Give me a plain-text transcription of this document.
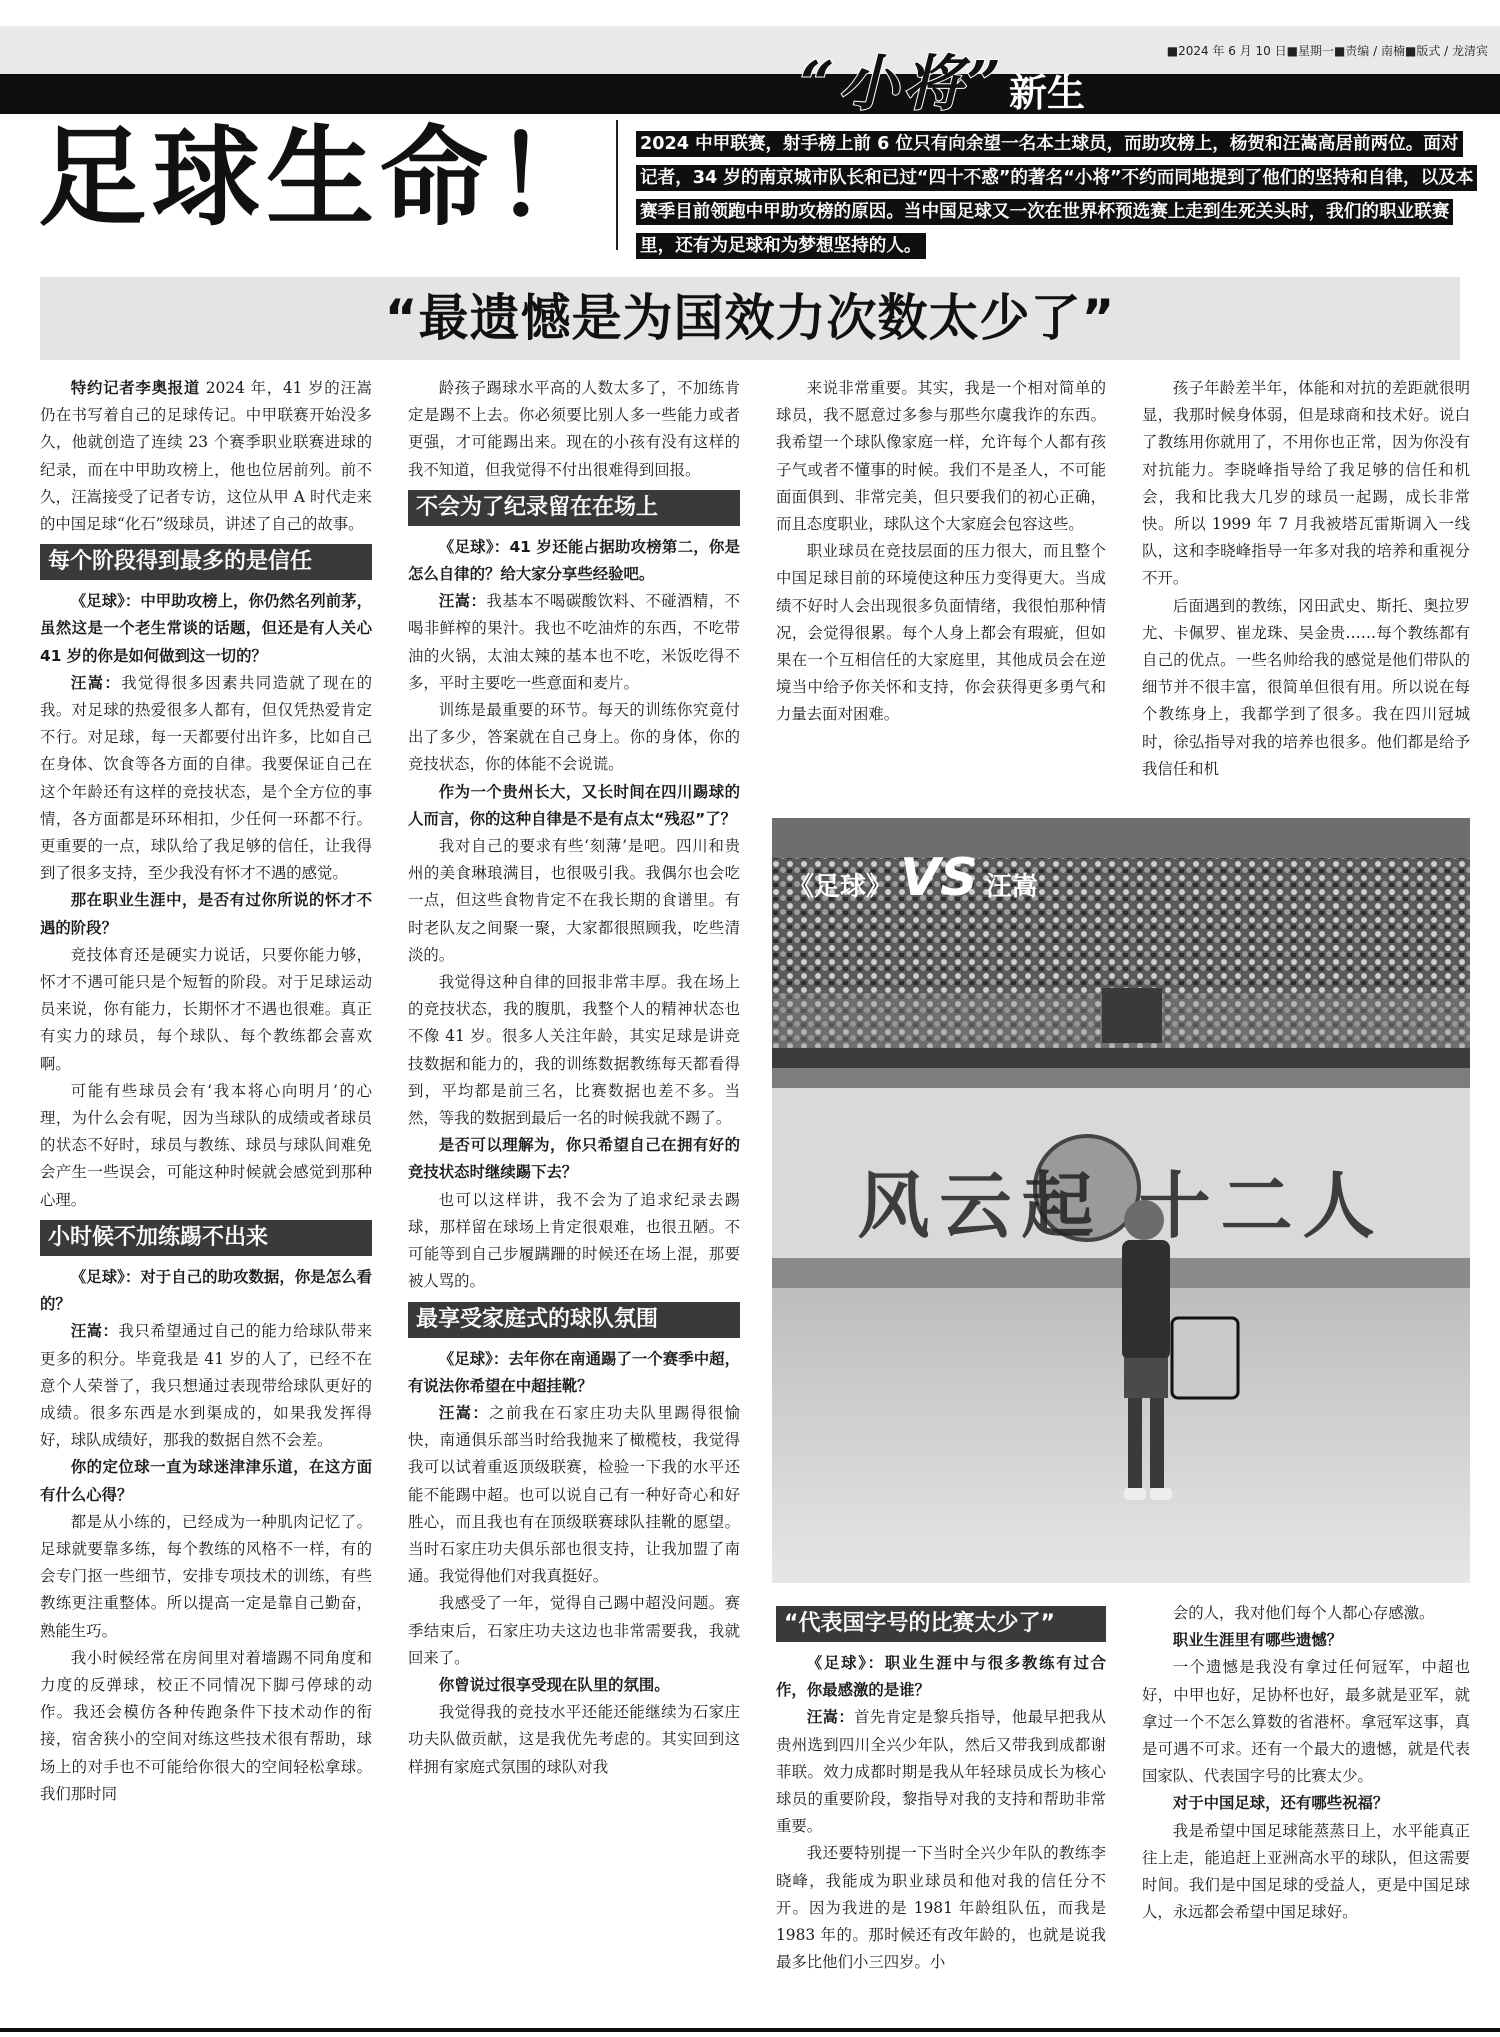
■2024 年 6 月 10 日■星期一■责编 / 南楠■版式 / 龙清宾
“小将” 新生
足球生命！ 2024 中甲联赛，射手榜上前 6 位只有向余望一名本土球员，而助攻榜上，杨贺和汪嵩高居前两位。面对记者，34 岁的南京城市队长和已过“四十不惑”的著名“小将”不约而同地提到了他们的坚持和自律，以及本赛季目前领跑中甲助攻榜的原因。当中国足球又一次在世界杯预选赛上走到生死关头时，我们的职业联赛里，还有为足球和为梦想坚持的人。
“最遗憾是为国效力次数太少了”

特约记者李奥报道 2024 年，41 岁的汪嵩仍在书写着自己的足球传记。中甲联赛开始没多久，他就创造了连续 23 个赛季职业联赛进球的纪录，而在中甲助攻榜上，他也位居前列。前不久，汪嵩接受了记者专访，这位从甲 A 时代走来的中国足球“化石”级球员，讲述了自己的故事。

每个阶段得到最多的是信任

《足球》：中甲助攻榜上，你仍然名列前茅，虽然这是一个老生常谈的话题，但还是有人关心 41 岁的你是如何做到这一切的？

汪嵩：我觉得很多因素共同造就了现在的我。对足球的热爱很多人都有，但仅凭热爱肯定不行。对足球，每一天都要付出许多，比如自己在身体、饮食等各方面的自律。我要保证自己在这个年龄还有这样的竞技状态，是个全方位的事情，各方面都是环环相扣，少任何一环都不行。更重要的一点，球队给了我足够的信任，让我得到了很多支持，至少我没有怀才不遇的感觉。

那在职业生涯中，是否有过你所说的怀才不遇的阶段？

竞技体育还是硬实力说话，只要你能力够，怀才不遇可能只是个短暂的阶段。对于足球运动员来说，你有能力，长期怀才不遇也很难。真正有实力的球员，每个球队、每个教练都会喜欢啊。

可能有些球员会有‘我本将心向明月’的心理，为什么会有呢，因为当球队的成绩或者球员的状态不好时，球员与教练、球员与球队间难免会产生一些误会，可能这种时候就会感觉到那种心理。

小时候不加练踢不出来

《足球》：对于自己的助攻数据，你是怎么看的？

汪嵩：我只希望通过自己的能力给球队带来更多的积分。毕竟我是 41 岁的人了，已经不在意个人荣誉了，我只想通过表现带给球队更好的成绩。很多东西是水到渠成的，如果我发挥得好，球队成绩好，那我的数据自然不会差。

你的定位球一直为球迷津津乐道，在这方面有什么心得？

都是从小练的，已经成为一种肌肉记忆了。足球就要靠多练，每个教练的风格不一样，有的会专门抠一些细节，安排专项技术的训练，有些教练更注重整体。所以提高一定是靠自己勤奋，熟能生巧。

我小时候经常在房间里对着墙踢不同角度和力度的反弹球，校正不同情况下脚弓停球的动作。我还会模仿各种传跑条件下技术动作的衔接，宿舍狭小的空间对练这些技术很有帮助，球场上的对手也不可能给你很大的空间轻松拿球。我们那时同

龄孩子踢球水平高的人数太多了，不加练肯定是踢不上去。你必须要比别人多一些能力或者更强，才可能踢出来。现在的小孩有没有这样的我不知道，但我觉得不付出很难得到回报。

不会为了纪录留在在场上

《足球》：41 岁还能占据助攻榜第二，你是怎么自律的？给大家分享些经验吧。

汪嵩：我基本不喝碳酸饮料、不碰酒精，不喝非鲜榨的果汁。我也不吃油炸的东西，不吃带油的火锅，太油太辣的基本也不吃，米饭吃得不多，平时主要吃一些意面和麦片。

训练是最重要的环节。每天的训练你究竟付出了多少，答案就在自己身上。你的身体，你的竞技状态，你的体能不会说谎。

作为一个贵州长大，又长时间在四川踢球的人而言，你的这种自律是不是有点太“残忍”了？

我对自己的要求有些‘刻薄’是吧。四川和贵州的美食琳琅满目，也很吸引我。我偶尔也会吃一点，但这些食物肯定不在我长期的食谱里。有时老队友之间聚一聚，大家都很照顾我，吃些清淡的。

我觉得这种自律的回报非常丰厚。我在场上的竞技状态，我的腹肌，我整个人的精神状态也不像 41 岁。很多人关注年龄，其实足球是讲竞技数据和能力的，我的训练数据教练每天都看得到，平均都是前三名，比赛数据也差不多。当然，等我的数据到最后一名的时候我就不踢了。

是否可以理解为，你只希望自己在拥有好的竞技状态时继续踢下去？

也可以这样讲，我不会为了追求纪录去踢球，那样留在球场上肯定很艰难，也很丑陋。不可能等到自己步履蹒跚的时候还在场上混，那要被人骂的。

最享受家庭式的球队氛围

《足球》：去年你在南通踢了一个赛季中超，有说法你希望在中超挂靴？

汪嵩：之前我在石家庄功夫队里踢得很愉快，南通俱乐部当时给我抛来了橄榄枝，我觉得我可以试着重返顶级联赛，检验一下我的水平还能不能踢中超。也可以说自己有一种好奇心和好胜心，而且我也有在顶级联赛球队挂靴的愿望。当时石家庄功夫俱乐部也很支持，让我加盟了南通。我觉得他们对我真挺好。

我感受了一年，觉得自己踢中超没问题。赛季结束后，石家庄功夫这边也非常需要我，我就回来了。

你曾说过很享受现在队里的氛围。

我觉得我的竞技水平还能还能继续为石家庄功夫队做贡献，这是我优先考虑的。其实回到这样拥有家庭式氛围的球队对我

来说非常重要。其实，我是一个相对简单的球员，我不愿意过多参与那些尔虞我诈的东西。我希望一个球队像家庭一样，允许每个人都有孩子气或者不懂事的时候。我们不是圣人，不可能面面俱到、非常完美，但只要我们的初心正确，而且态度职业，球队这个大家庭会包容这些。

职业球员在竞技层面的压力很大，而且整个中国足球目前的环境使这种压力变得更大。当成绩不好时人会出现很多负面情绪，我很怕那种情况，会觉得很累。每个人身上都会有瑕疵，但如果在一个互相信任的大家庭里，其他成员会在逆境当中给予你关怀和支持，你会获得更多勇气和力量去面对困难。

孩子年龄差半年，体能和对抗的差距就很明显，我那时候身体弱，但是球商和技术好。说白了教练用你就用了，不用你也正常，因为你没有对抗能力。李晓峰指导给了我足够的信任和机会，我和比我大几岁的球员一起踢，成长非常快。所以 1999 年 7 月我被塔瓦雷斯调入一线队，这和李晓峰指导一年多对我的培养和重视分不开。

后面遇到的教练，冈田武史、斯托、奥拉罗尤、卡佩罗、崔龙珠、吴金贵……每个教练都有自己的优点。一些名帅给我的感觉是他们带队的细节并不很丰富，很简单但很有用。所以说在每个教练身上，我都学到了很多。我在四川冠城时，徐弘指导对我的培养也很多。他们都是给予我信任和机

风云起 十二人
《足球》 VS 汪嵩
“代表国字号的比赛太少了”

《足球》：职业生涯中与很多教练有过合作，你最感激的是谁？

汪嵩：首先肯定是黎兵指导，他最早把我从贵州选到四川全兴少年队，然后又带我到成都谢菲联。效力成都时期是我从年轻球员成长为核心球员的重要阶段，黎指导对我的支持和帮助非常重要。

我还要特别提一下当时全兴少年队的教练李晓峰，我能成为职业球员和他对我的信任分不开。因为我进的是 1981 年龄组队伍，而我是 1983 年的。那时候还有改年龄的，也就是说我最多比他们小三四岁。小

会的人，我对他们每个人都心存感激。

职业生涯里有哪些遗憾？

一个遗憾是我没有拿过任何冠军，中超也好，中甲也好，足协杯也好，最多就是亚军，就拿过一个不怎么算数的省港杯。拿冠军这事，真是可遇不可求。还有一个最大的遗憾，就是代表国家队、代表国字号的比赛太少。

对于中国足球，还有哪些祝福？

我是希望中国足球能蒸蒸日上，水平能真正往上走，能追赶上亚洲高水平的球队，但这需要时间。我们是中国足球的受益人，更是中国足球人，永远都会希望中国足球好。
